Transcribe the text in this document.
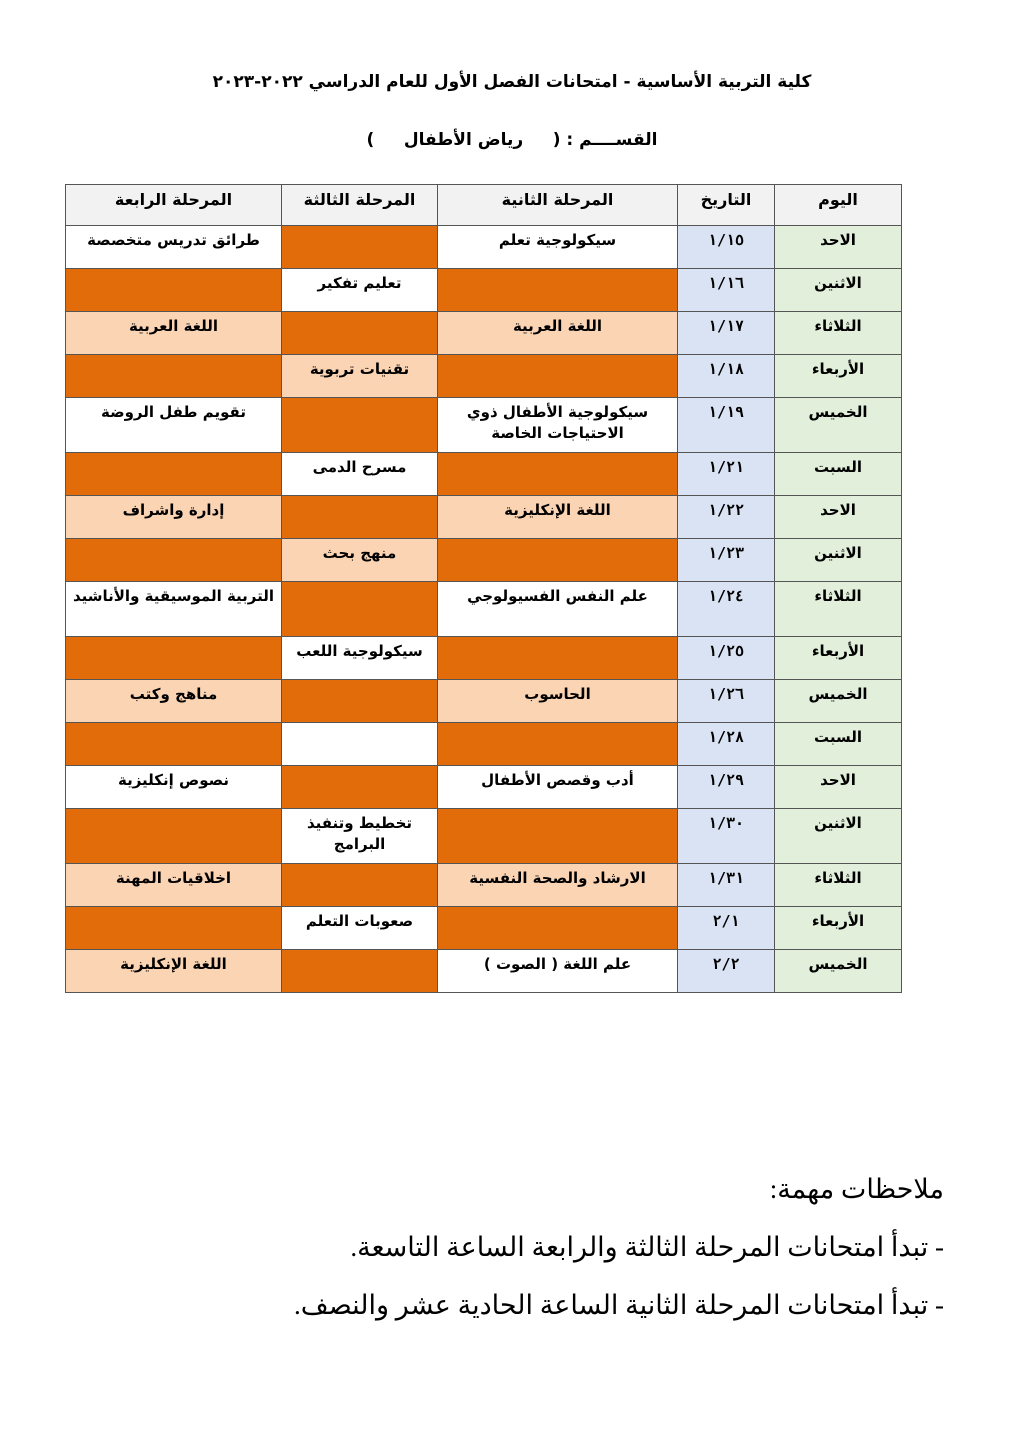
كلية التربية الأساسية - امتحانات الفصل الأول للعام الدراسي ٢٠٢٢-٢٠٢٣
القســــم : (     رياض الأطفال     )
اليوم	التاريخ	المرحلة الثانية	المرحلة الثالثة	المرحلة الرابعة
الاحد	١/١٥	سيكولوجية تعلم		طرائق تدريس متخصصة
الاثنين	١/١٦		تعليم تفكير	
الثلاثاء	١/١٧	اللغة العربية		اللغة العربية
الأربعاء	١/١٨		تقنيات تربوية	
الخميس	١/١٩	سيكولوجية الأطفال ذوي الاحتياجات الخاصة		تقويم طفل الروضة
السبت	١/٢١		مسرح الدمى	
الاحد	١/٢٢	اللغة الإنكليزية		إدارة واشراف
الاثنين	١/٢٣		منهج بحث	
الثلاثاء	١/٢٤	علم النفس الفسيولوجي		التربية الموسيقية والأناشيد
الأربعاء	١/٢٥		سيكولوجية اللعب	
الخميس	١/٢٦	الحاسوب		مناهج وكتب
السبت	١/٢٨			
الاحد	١/٢٩	أدب وقصص الأطفال		نصوص إنكليزية
الاثنين	١/٣٠		تخطيط وتنفيذ البرامج	
الثلاثاء	١/٣١	الارشاد والصحة النفسية		اخلاقيات المهنة
الأربعاء	٢/١		صعوبات التعلم	
الخميس	٢/٢	علم اللغة ( الصوت )		اللغة الإنكليزية
ملاحظات مهمة:
- تبدأ امتحانات المرحلة الثالثة والرابعة الساعة التاسعة.
- تبدأ امتحانات المرحلة الثانية الساعة الحادية عشر والنصف.
